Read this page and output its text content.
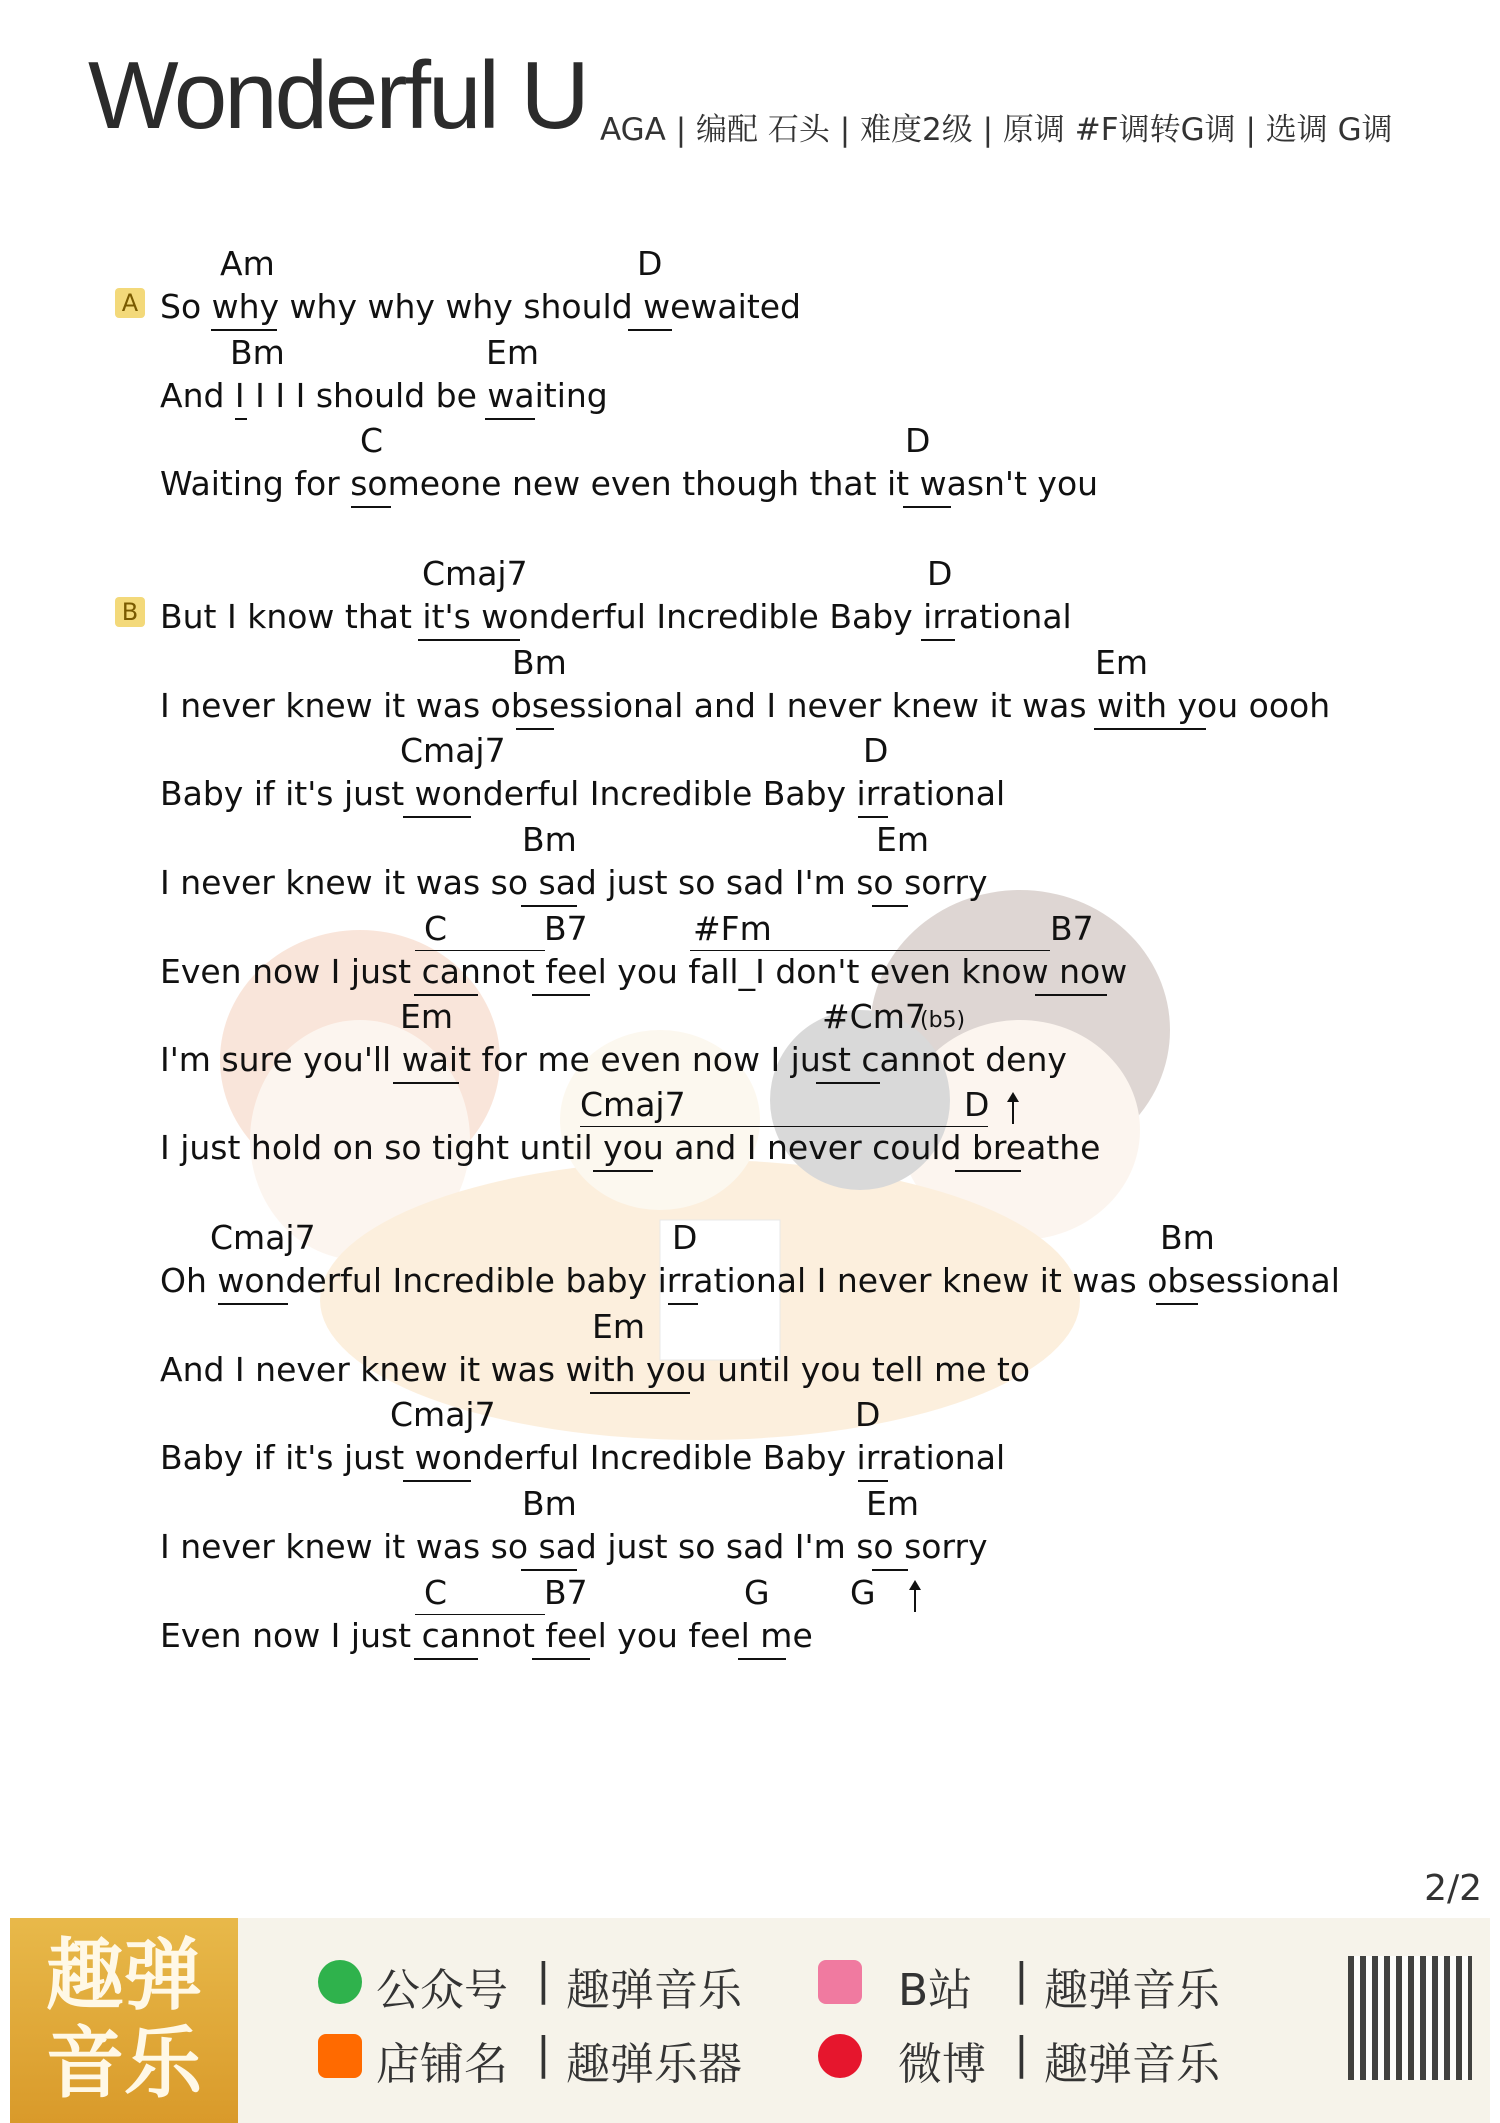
Wonderful U AGA | 编配 石头 | 难度2级 | 原调 #F调转G调 | 选调 G调
A
B
Am	D
So why why why why should wewaited
Bm	Em
And I I I I should be waiting
C	D
Waiting for someone new even though that it wasn't you
Cmaj7	D
But I know that it's wonderful Incredible Baby irrational
Bm	Em
I never knew it was obsessional and I never knew it was with you oooh
Cmaj7	D
Baby if it's just wonderful Incredible Baby irrational
Bm	Em
I never knew it was so sad just so sad I'm so sorry
C	B7	#Fm	B7
Even now I just cannot feel you fall_I don't even know now
Em	#Cm7
(b5)
I'm sure you'll wait for me even now I just cannot deny
Cmaj7	D
I just hold on so tight until you and I never could breathe
Cmaj7	D	Bm
Oh wonderful Incredible baby irrational I never knew it was obsessional
Em
And I never knew it was with you until you tell me to
Cmaj7	D
Baby if it's just wonderful Incredible Baby irrational
Bm	Em
I never knew it was so sad just so sad I'm so sorry
C	B7	G G
Even now I just cannot feel you feel me
2/2
趣弹音乐
公众号 | 趣弹音乐
店铺名 | 趣弹乐器
B站 | 趣弹音乐
微博 | 趣弹音乐
